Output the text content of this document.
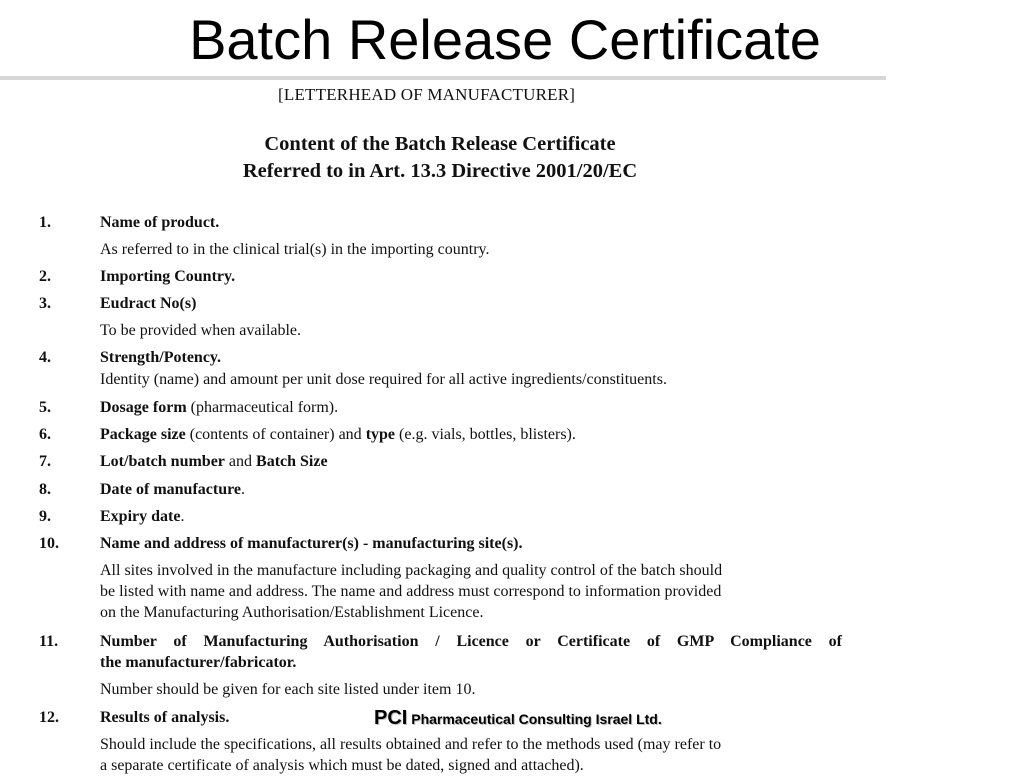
Batch Release Certificate
[LETTERHEAD OF MANUFACTURER]
Content of the Batch Release Certificate
Referred to in Art. 13.3 Directive 2001/20/EC
1.	Name of product.
As referred to in the clinical trial(s) in the importing country.
2.	Importing Country.
3.	Eudract No(s)
To be provided when available.
4.	Strength/Potency.
Identity (name) and amount per unit dose required for all active ingredients/constituents.
5.	Dosage form (pharmaceutical form).
6.	Package size (contents of container) and type (e.g. vials, bottles, blisters).
7.	Lot/batch number and Batch Size
8.	Date of manufacture.
9.	Expiry date.
10.	Name and address of manufacturer(s) - manufacturing site(s).
All sites involved in the manufacture including packaging and quality control of the batch should
be listed with name and address. The name and address must correspond to information provided
on the Manufacturing Authorisation/Establishment Licence.
11.	Number of Manufacturing Authorisation / Licence or Certificate of GMP Compliance of
the manufacturer/fabricator.
Number should be given for each site listed under item 10.
12.	Results of analysis.
Should include the specifications, all results obtained and refer to the methods used (may refer to
a separate certificate of analysis which must be dated, signed and attached).
PCI Pharmaceutical Consulting Israel Ltd.
